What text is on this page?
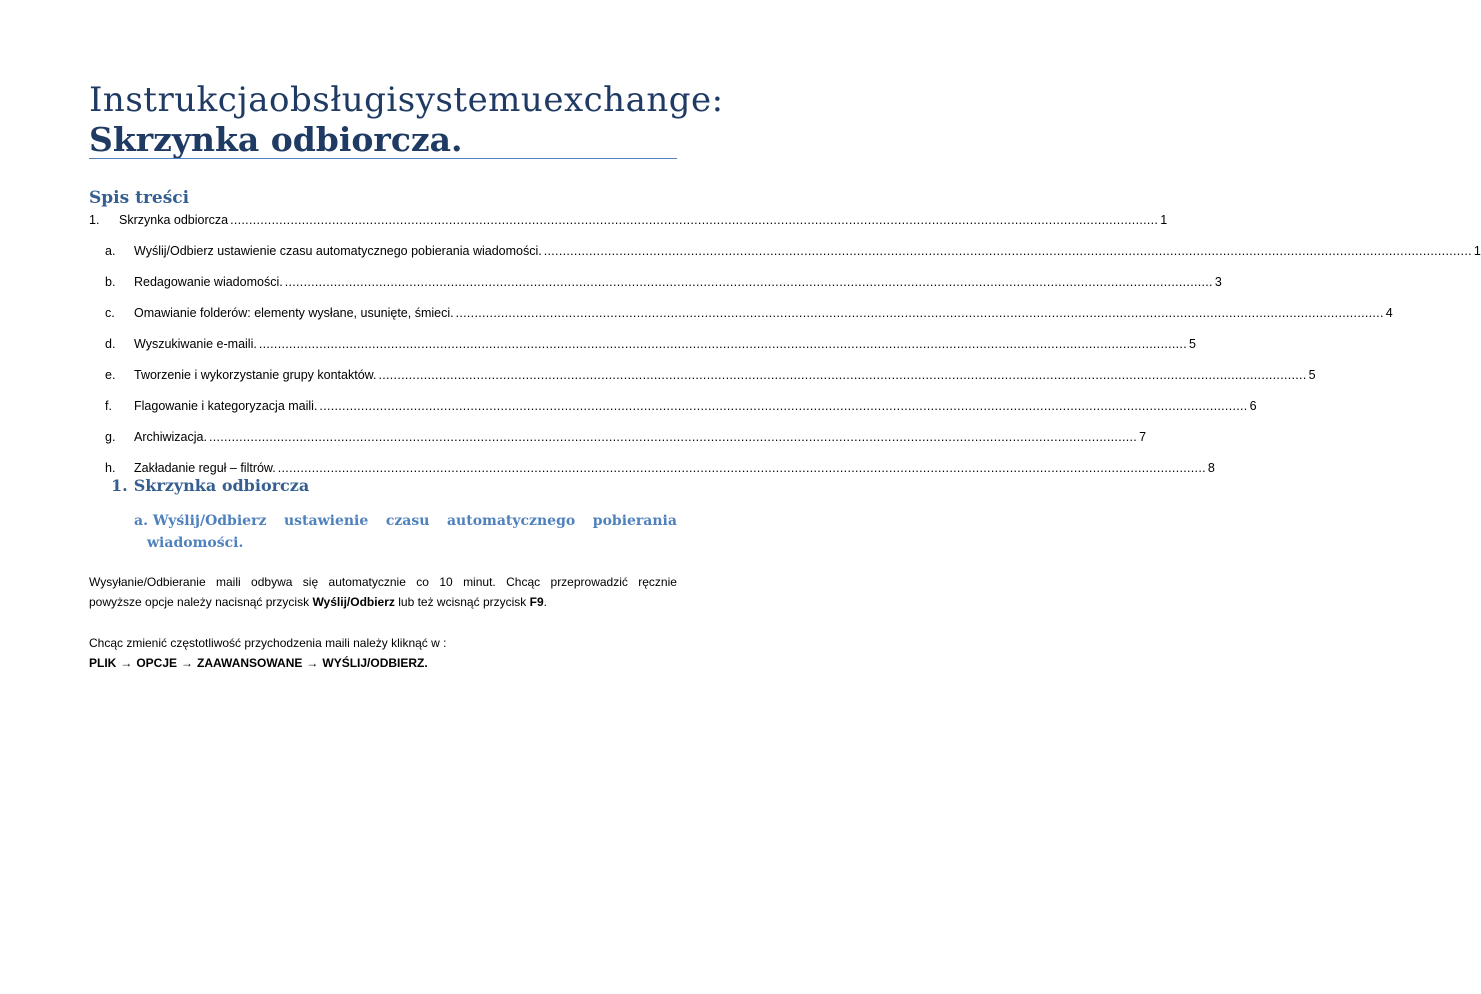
Instrukcja obsługi systemu exchange:
Skrzynka odbiorcza.
Spis treści
1.	Skrzynka odbiorcza .....	1
a.	Wyślij/Odbierz ustawienie czasu automatycznego pobierania wiadomości. .....	1
b.	Redagowanie wiadomości. .....	3
c.	Omawianie folderów: elementy wysłane, usunięte, śmieci. .....	4
d.	Wyszukiwanie e-maili. .....	5
e.	Tworzenie i wykorzystanie grupy kontaktów. .....	5
f.	Flagowanie i kategoryzacja maili. .....	6
g.	Archiwizacja. .....	7
h.	Zakładanie reguł – filtrów. .....	8
1. Skrzynka odbiorcza
a. Wyślij/Odbierz ustawienie czasu automatycznego pobierania
wiadomości.
Wysyłanie/Odbieranie maili odbywa się automatycznie co 10 minut. Chcąc przeprowadzić ręcznie
powyższe opcje należy nacisnąć przycisk Wyślij/Odbierz lub też wcisnąć przycisk F9.
Chcąc zmienić częstotliwość przychodzenia maili należy kliknąć w :
PLIK → OPCJE → ZAAWANSOWANE → WYŚLIJ/ODBIERZ.
